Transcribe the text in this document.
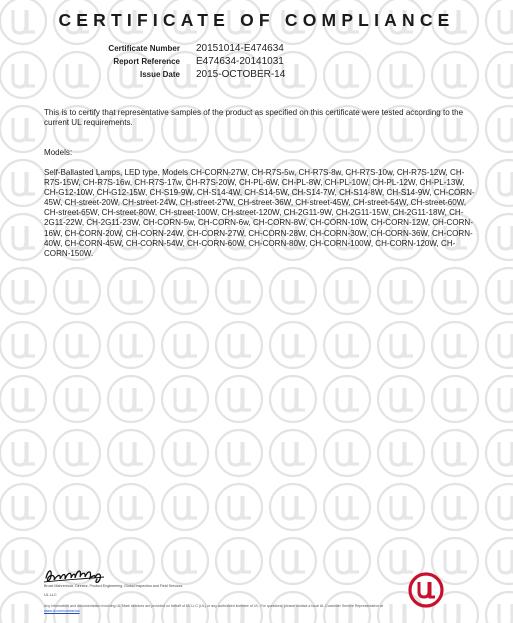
CERTIFICATE OF COMPLIANCE
Certificate Number 20151014-E474634
Report Reference E474634-20141031
Issue Date 2015-OCTOBER-14
This is to certify that representative samples of the product as specified on this certificate were tested according to the current UL requirements.
Models:
Self-Ballasted Lamps, LED type, Models CH-CORN-27W, CH-R7S-5w, CH-R7S-8w, CH-R7S-10w, CH-R7S-12W, CH-R7S-15W, CH-R7S-16w, CH-R7S-17w, CH-R7S-20W, CH-PL-6W, CH-PL-8W, CH-PL-10W, CH-PL-12W, CH-PL-13W, CH-G12-10W, CH-G12-15W, CH-S19-9W, CH-S14-4W, CH-S14-5W, CH-S14-7W, CH-S14-8W, CH-S14-9W, CH-CORN-45W, CH-street-20W, CH-street-24W, CH-street-27W, CH-street-36W, CH-street-45W, CH-street-54W, CH-street-60W, CH-street-65W, CH-street-80W, CH-street-100W, CH-street-120W, CH-2G11-9W, CH-2G11-15W, CH-2G11-18W, CH-2G11-22W, CH-2G11-23W, CH-CORN-5w, CH-CORN-6w, CH-CORN-8W, CH-CORN-10W, CH-CORN-12W, CH-CORN-16W, CH-CORN-20W, CH-CORN-24W, CH-CORN-27W, CH-CORN-28W, CH-CORN-30W, CH-CORN-36W, CH-CORN-40W, CH-CORN-45W, CH-CORN-54W, CH-CORN-60W, CH-CORN-80W, CH-CORN-100W, CH-CORN-120W, CH-CORN-150W.
Bruce Mahrenholz, Director, Product Engineering, Global Inspection and Field Services
UL LLC
Any information and documentation involving UL Mark services are provided on behalf of UL LLC (UL) or any authorized licensee of UL. For questions, please contact a local UL Customer Service Representative at www.ul.com/contactus
